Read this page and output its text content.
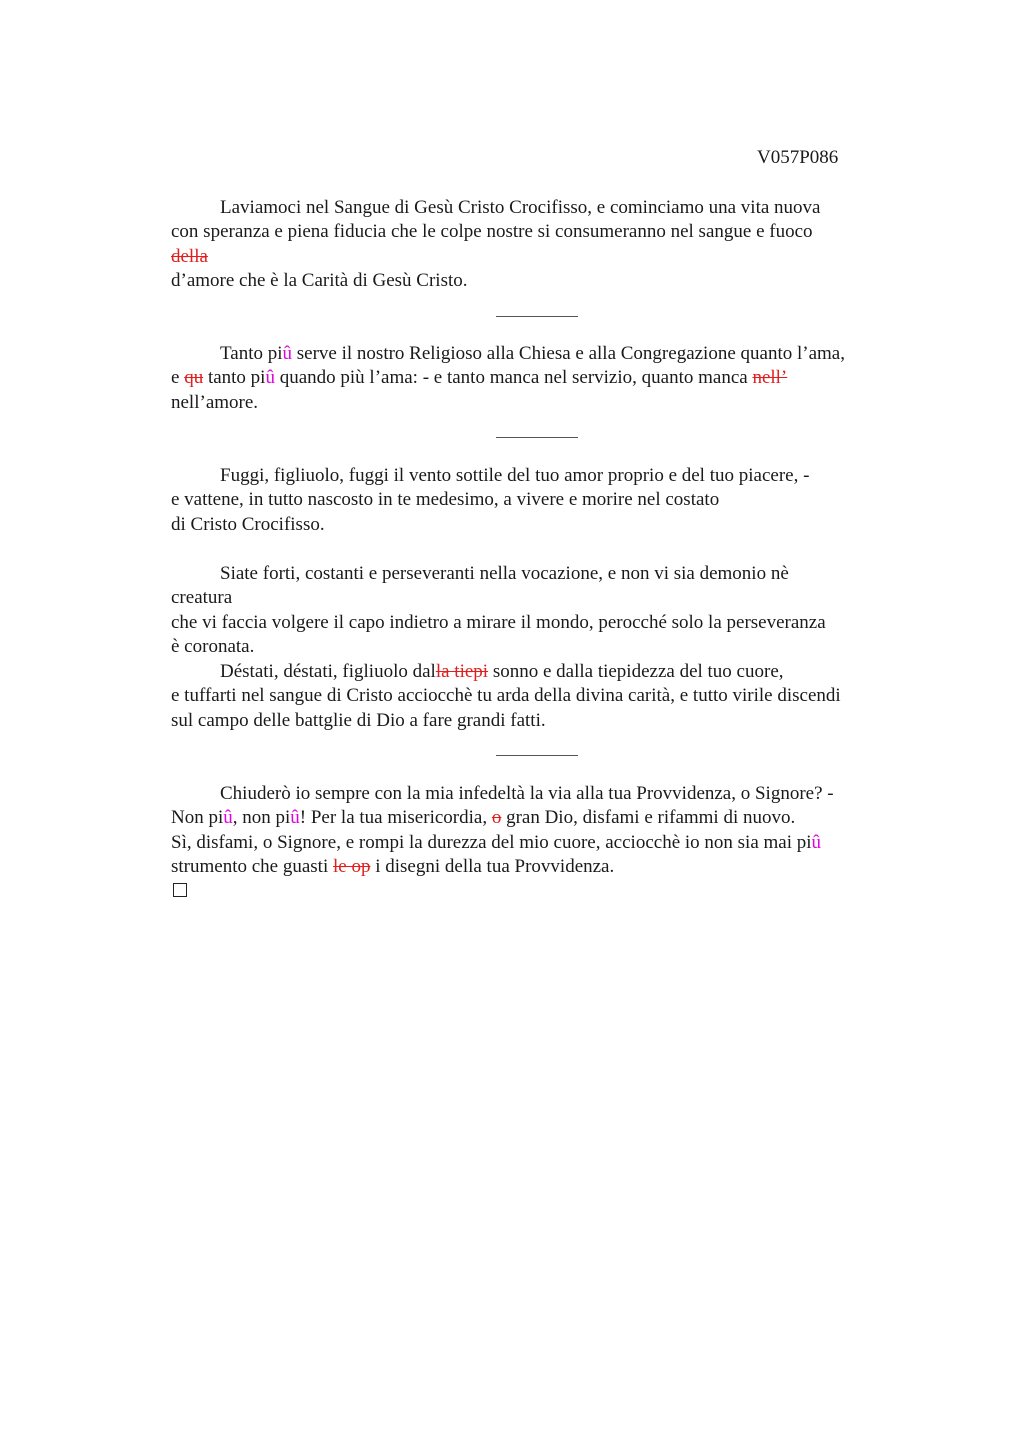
V057P086
Laviamoci nel Sangue di Gesù Cristo Crocifisso, e cominciamo una vita nuova
con speranza e piena fiducia che le colpe nostre si consumeranno nel sangue e fuoco
della
d’amore che è la Carità di Gesù Cristo.
Tanto piû serve il nostro Religioso alla Chiesa e alla Congregazione quanto l’ama,
e qu tanto piû quando più l’ama: - e tanto manca nel servizio, quanto manca nell’
nell’amore.
Fuggi, figliuolo, fuggi il vento sottile del tuo amor proprio e del tuo piacere, -
e vattene, in tutto nascosto in te medesimo, a vivere e morire nel costato
di Cristo Crocifisso.
Siate forti, costanti e perseveranti nella vocazione, e non vi sia demonio nè
creatura
che vi faccia volgere il capo indietro a mirare il mondo, perocché solo la perseveranza
è coronata.
Déstati, déstati, figliuolo dalla tiepi sonno e dalla tiepidezza del tuo cuore,
e tuffarti nel sangue di Cristo acciocchè tu arda della divina carità, e tutto virile discendi
sul campo delle battglie di Dio a fare grandi fatti.
Chiuderò io sempre con la mia infedeltà la via alla tua Provvidenza, o Signore? -
Non piû, non piû! Per la tua misericordia, o gran Dio, disfami e rifammi di nuovo.
Sì, disfami, o Signore, e rompi la durezza del mio cuore, acciocchè io non sia mai piû
strumento che guasti le op i disegni della tua Provvidenza.
